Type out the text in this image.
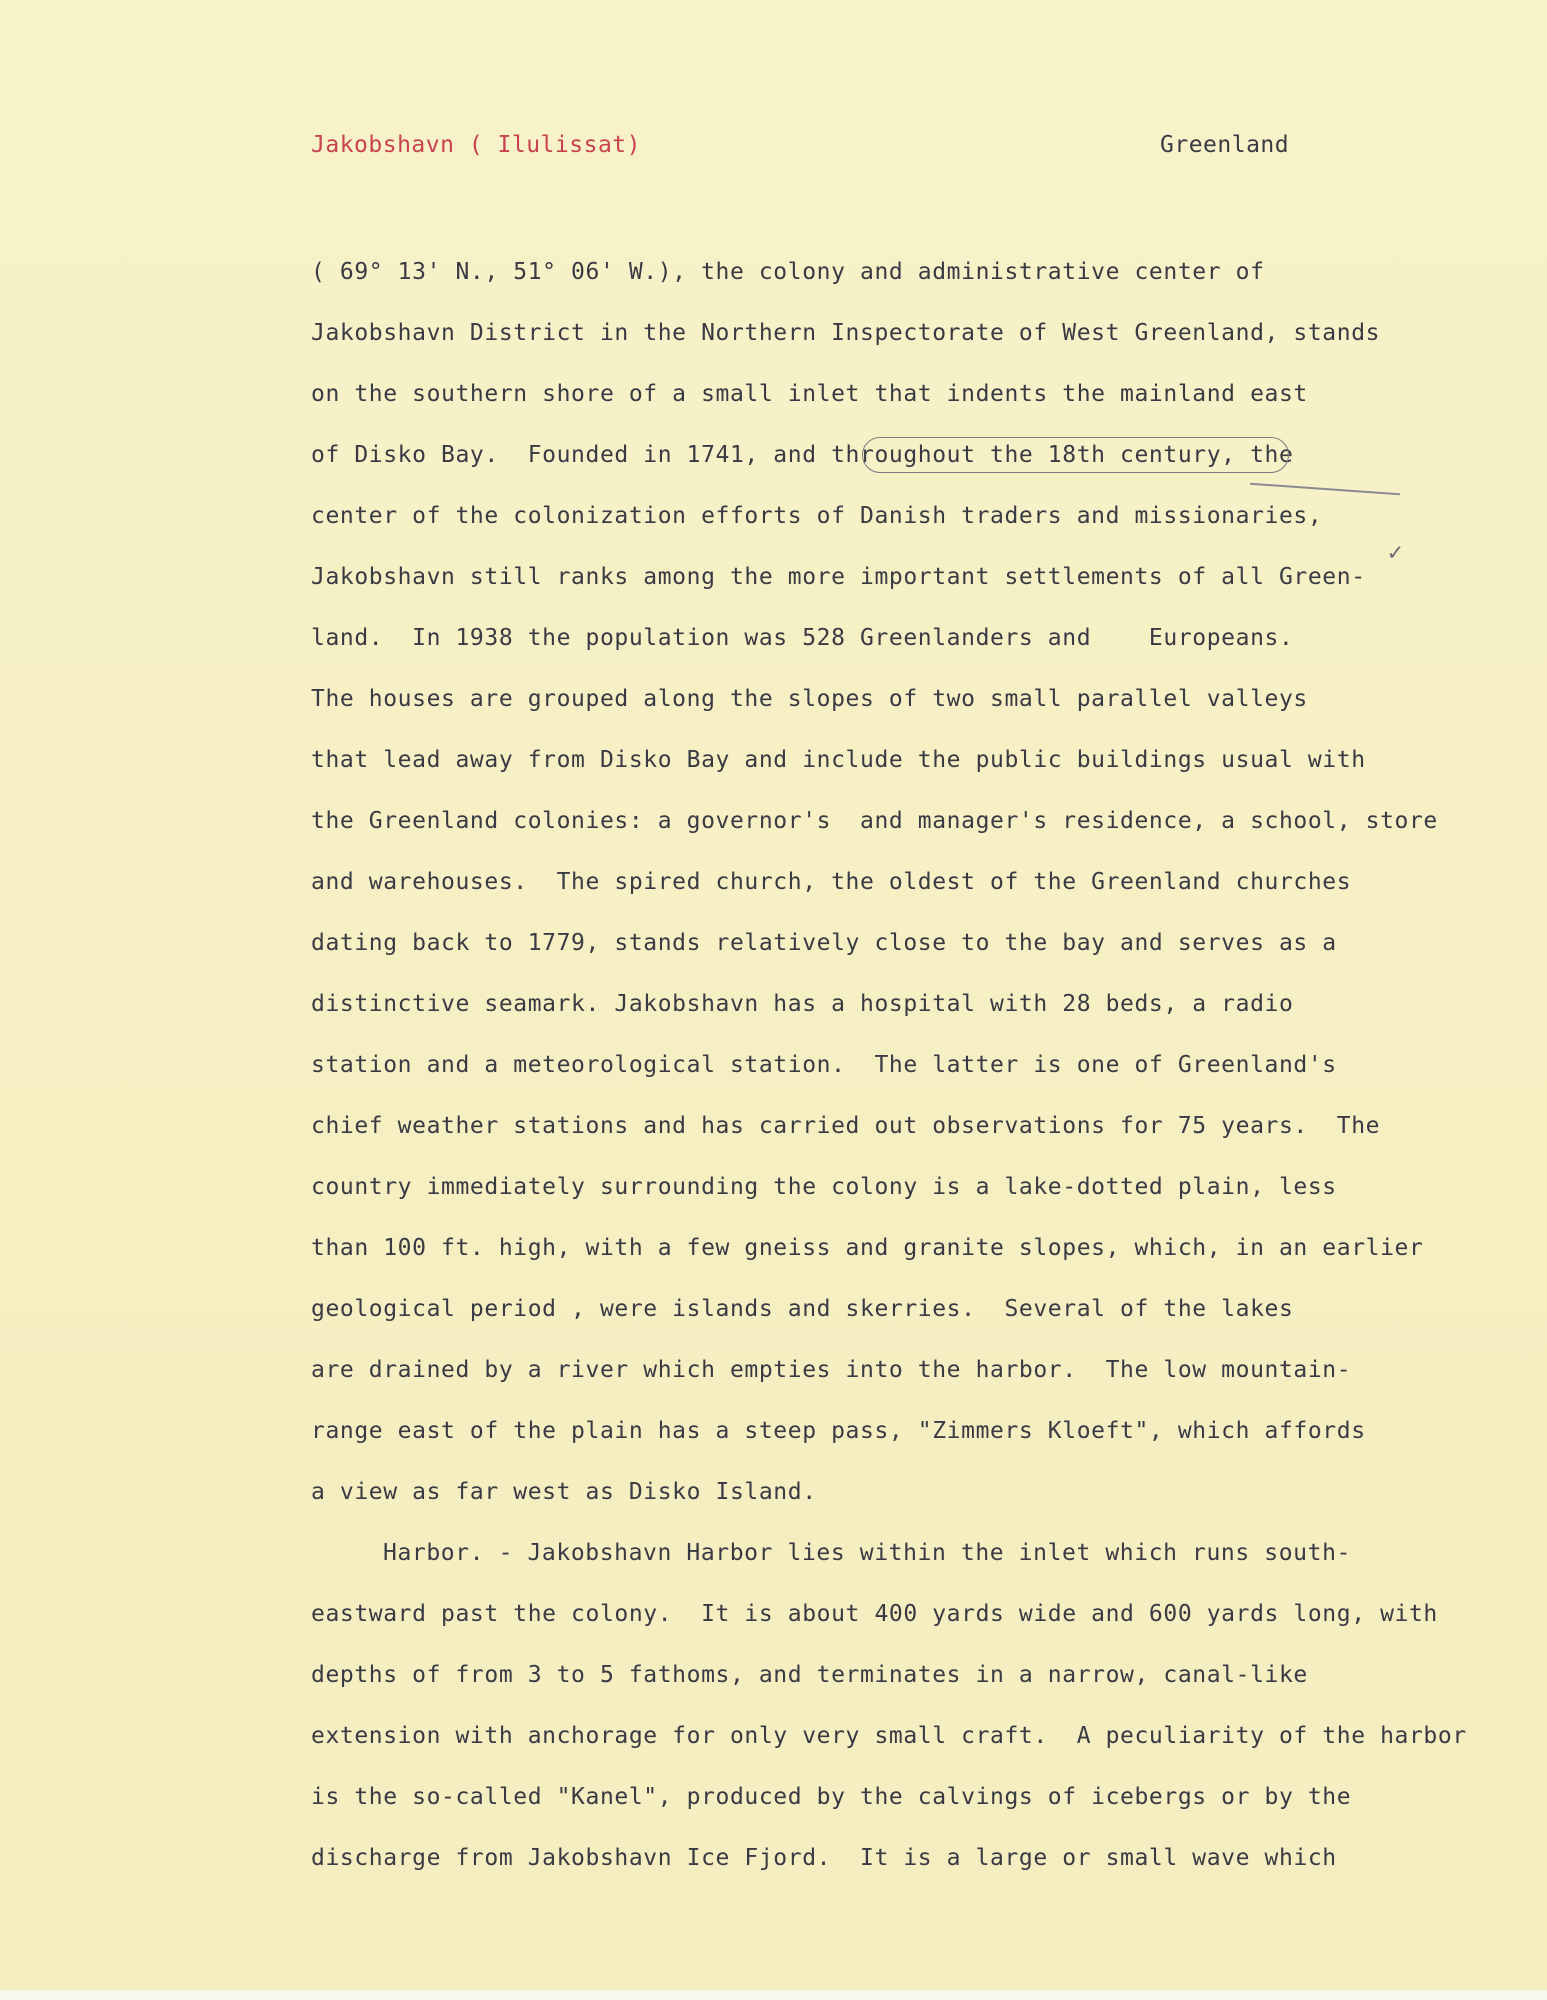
Jakobshavn ( Ilulissat)	Greenland
( 69° 13' N., 51° 06' W.), the colony and administrative center of
Jakobshavn District in the Northern Inspectorate of West Greenland, stands
on the southern shore of a small inlet that indents the mainland east
of Disko Bay.  Founded in 1741, and throughout the 18th century, the
center of the colonization efforts of Danish traders and missionaries,
Jakobshavn still ranks among the more important settlements of all Green-
land.  In 1938 the population was 528 Greenlanders and    Europeans.
The houses are grouped along the slopes of two small parallel valleys
that lead away from Disko Bay and include the public buildings usual with
the Greenland colonies: a governor's  and manager's residence, a school, store
and warehouses.  The spired church, the oldest of the Greenland churches
dating back to 1779, stands relatively close to the bay and serves as a
distinctive seamark. Jakobshavn has a hospital with 28 beds, a radio
station and a meteorological station.  The latter is one of Greenland's
chief weather stations and has carried out observations for 75 years.  The
country immediately surrounding the colony is a lake-dotted plain, less
than 100 ft. high, with a few gneiss and granite slopes, which, in an earlier
geological period , were islands and skerries.  Several of the lakes
are drained by a river which empties into the harbor.  The low mountain-
range east of the plain has a steep pass, "Zimmers Kloeft", which affords
a view as far west as Disko Island.
Harbor. - Jakobshavn Harbor lies within the inlet which runs south-
eastward past the colony.  It is about 400 yards wide and 600 yards long, with
depths of from 3 to 5 fathoms, and terminates in a narrow, canal-like
extension with anchorage for only very small craft.  A peculiarity of the harbor
is the so-called "Kanel", produced by the calvings of icebergs or by the
discharge from Jakobshavn Ice Fjord.  It is a large or small wave which
✓
